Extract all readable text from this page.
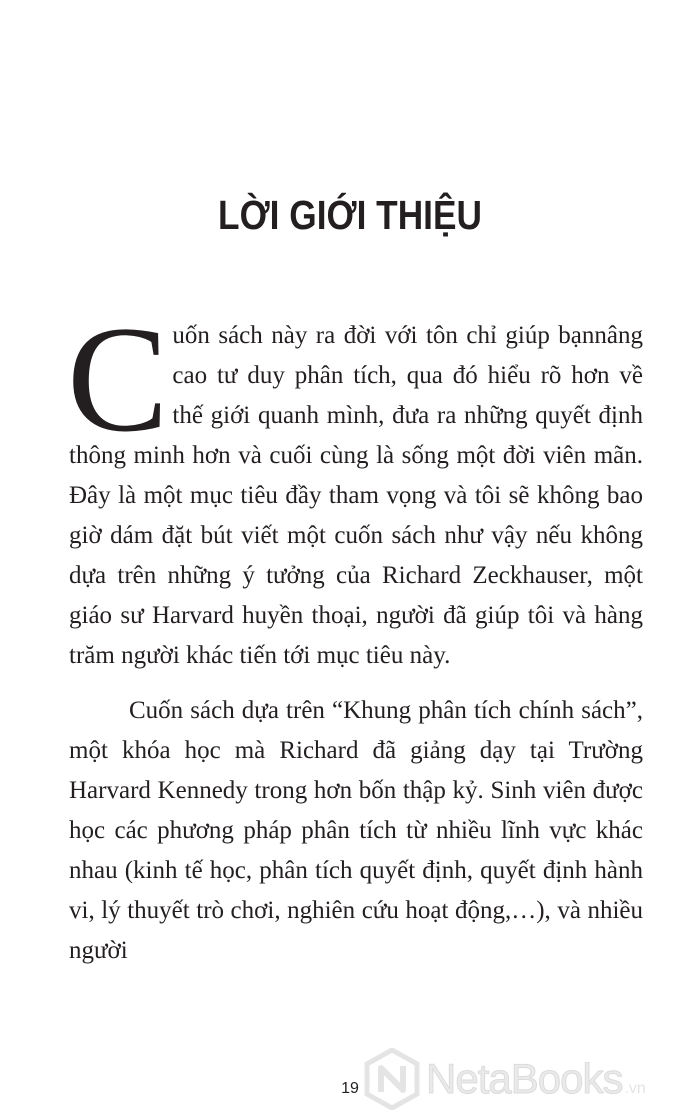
LỜI GIỚI THIỆU

Cuốn sách này ra đời với tôn chỉ giúp bạnnâng cao tư duy phân tích, qua đó hiểu rõ hơn về thế giới quanh mình, đưa ra những quyết định thông minh hơn và cuối cùng là sống một đời viên mãn. Đây là một mục tiêu đầy tham vọng và tôi sẽ không bao giờ dám đặt bút viết một cuốn sách như vậy nếu không dựa trên những ý tưởng của Richard Zeckhauser, một giáo sư Harvard huyền thoại, người đã giúp tôi và hàng trăm người khác tiến tới mục tiêu này.

Cuốn sách dựa trên “Khung phân tích chính sách”, một khóa học mà Richard đã giảng dạy tại Trường Harvard Kennedy trong hơn bốn thập kỷ. Sinh viên được học các phương pháp phân tích từ nhiều lĩnh vực khác nhau (kinh tế học, phân tích quyết định, quyết định hành vi, lý thuyết trò chơi, nghiên cứu hoạt động,…), và nhiều người

19	NetaBooks .vn
